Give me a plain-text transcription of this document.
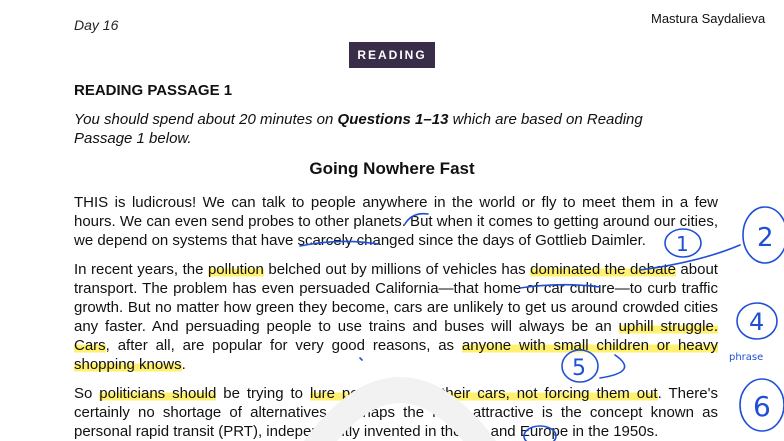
Day 16	Mastura Saydalieva
READING
READING PASSAGE 1
You should spend about 20 minutes on Questions 1–13 which are based on Reading
Passage 1 below.
Going Nowhere Fast
THIS is ludicrous! We can talk to people anywhere in the world or fly to meet them in a few
hours. We can even send probes to other planets. But when it comes to getting around our cities,
we depend on systems that have scarcely changed since the days of Gottlieb Daimler.
In recent years, the pollution belched out by millions of vehicles has dominated the debate about
transport. The problem has even persuaded California—that home of car culture—to curb traffic
growth. But no matter how green they become, cars are unlikely to get us around crowded cities
any faster. And persuading people to use trains and buses will always be an uphill struggle.
Cars, after all, are popular for very good reasons, as anyone with small children or heavy
shopping knows.
So politicians should be trying to lure people out of their cars, not forcing them out. There's
certainly no shortage of alternatives. Perhaps the most attractive is the concept known as
personal rapid transit (PRT), independently invented in the US and Europe in the 1950s.
1	2
4
5
6
phrase
